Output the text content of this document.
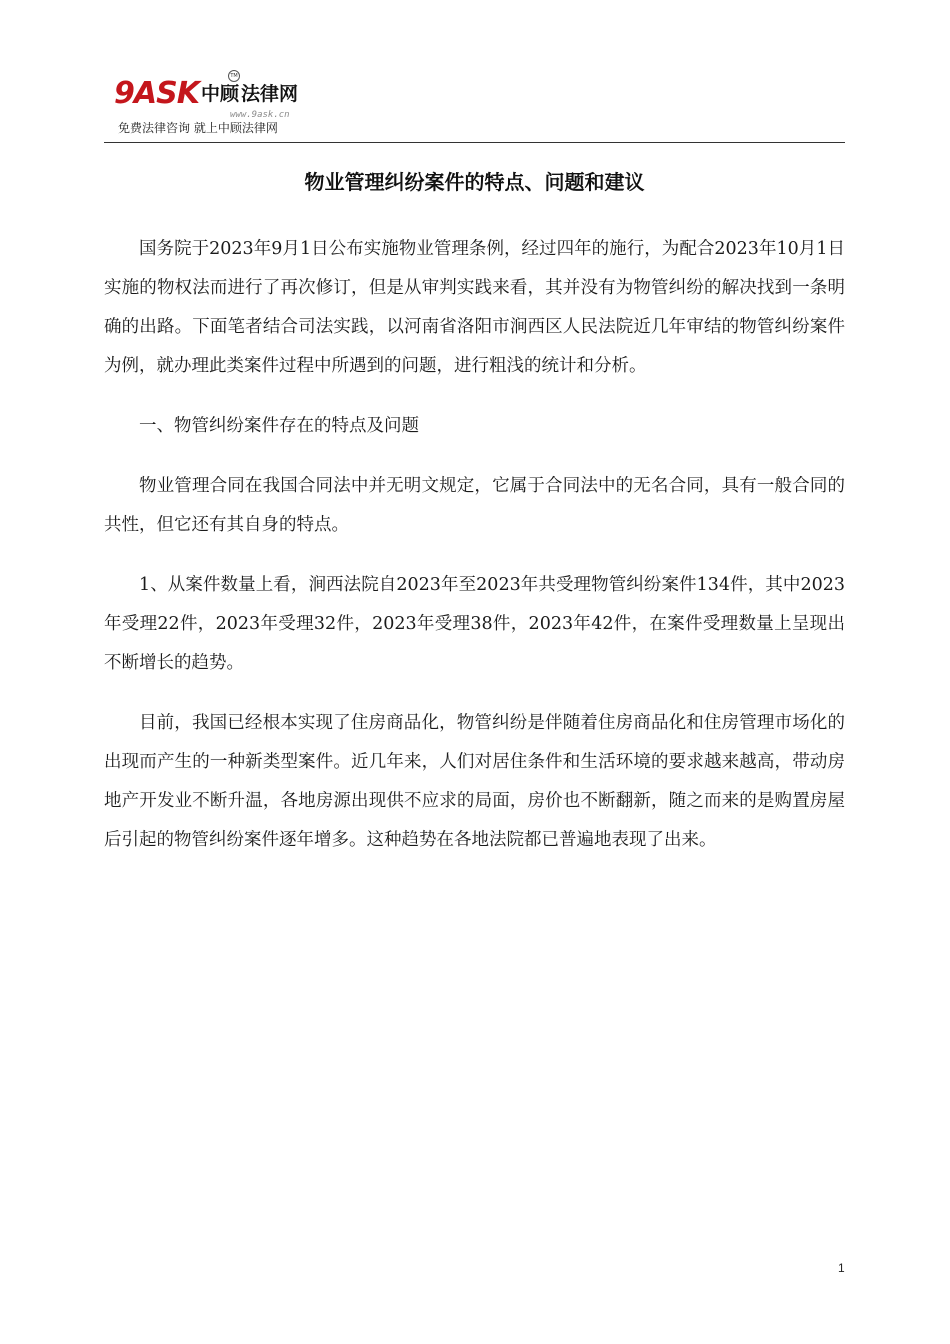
9ASK 中顾 法律网
TM
www.9ask.cn
免费法律咨询 就上中顾法律网
物业管理纠纷案件的特点、问题和建议

国务院于2023年9月1日公布实施物业管理条例，经过四年的施行，为配合2023年10月1日实施的物权法而进行了再次修订，但是从审判实践来看，其并没有为物管纠纷的解决找到一条明确的出路。下面笔者结合司法实践，以河南省洛阳市涧西区人民法院近几年审结的物管纠纷案件为例，就办理此类案件过程中所遇到的问题，进行粗浅的统计和分析。

一、物管纠纷案件存在的特点及问题

物业管理合同在我国合同法中并无明文规定，它属于合同法中的无名合同，具有一般合同的共性，但它还有其自身的特点。

1、从案件数量上看，涧西法院自2023年至2023年共受理物管纠纷案件134件，其中2023年受理22件，2023年受理32件，2023年受理38件，2023年42件，在案件受理数量上呈现出不断增长的趋势。

目前，我国已经根本实现了住房商品化，物管纠纷是伴随着住房商品化和住房管理市场化的出现而产生的一种新类型案件。近几年来，人们对居住条件和生活环境的要求越来越高，带动房地产开发业不断升温，各地房源出现供不应求的局面，房价也不断翻新，随之而来的是购置房屋后引起的物管纠纷案件逐年增多。这种趋势在各地法院都已普遍地表现了出来。

1
